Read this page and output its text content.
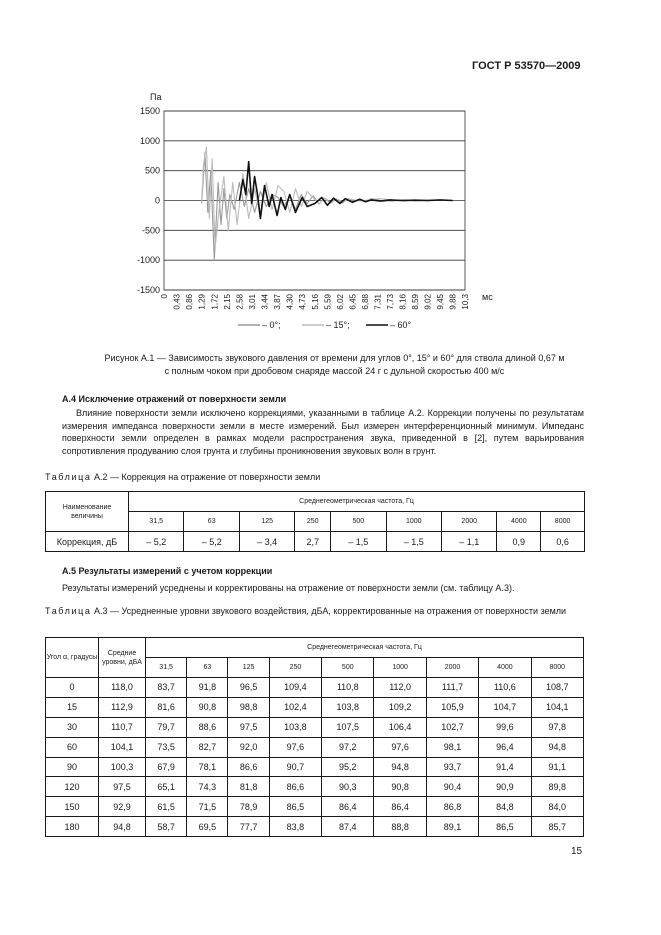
ГОСТ Р 53570—2009
1500
1000
500
0
-500
-1000
-1500
0 0,43 0,86 1,29 1,72 2,15 2,58 3,01 3,44 3,87 4,30 4,73 5,16 5,59 6,02 6,45 6,88 7,31 7,73 8,16 8,59 9,02 9,45 9,88 10,3
Па
мс
– 0°;	– 15°;	– 60°
Рисунок А.1 — Зависимость звукового давления от времени для углов 0°, 15° и 60° для ствола длиной 0,67 м
с полным чоком при дробовом снаряде массой 24 г с дульной скоростью 400 м/с
А.4 Исключение отражений от поверхности земли

Влияние поверхности земли исключено коррекциями, указанными в таблице А.2. Коррекции получены по результатам измерения импеданса поверхности земли в месте измерений. Был измерен интерференционный минимум. Импеданс поверхности земли определен в рамках модели распространения звука, приведенной в [2], путем варьирования сопротивления продуванию слоя грунта и глубины проникновения звуковых волн в грунт.

Таблица А.2 — Коррекция на отражение от поверхности земли
Наименование величины	Среднегеометрическая частота, Гц								
	31,5	63	125	250	500	1000	2000	4000	8000
Коррекция, дБ	– 5,2	– 5,2	– 3,4	2,7	– 1,5	– 1,5	– 1,1	0,9	0,6
А.5 Результаты измерений с учетом коррекции

Результаты измерений усреднены и корректированы на отражение от поверхности земли (см. таблицу А.3).

Таблица А.3 — Усредненные уровни звукового воздействия, дБА, корректированные на отражения от поверхности земли
Угол α, градусы	Средние уровни, дБА	Среднегеометрическая частота, Гц								
		31,5	63	125	250	500	1000	2000	4000	8000
0	118,0	83,7	91,8	96,5	109,4	110,8	112,0	111,7	110,6	108,7
15	112,9	81,6	90,8	98,8	102,4	103,8	109,2	105,9	104,7	104,1
30	110,7	79,7	88,6	97,5	103,8	107,5	106,4	102,7	99,6	97,8
60	104,1	73,5	82,7	92,0	97,6	97,2	97,6	98,1	96,4	94,8
90	100,3	67,9	78,1	86,6	90,7	95,2	94,8	93,7	91,4	91,1
120	97,5	65,1	74,3	81,8	86,6	90,3	90,8	90,4	90,9	89,8
150	92,9	61,5	71,5	78,9	86,5	86,4	86,4	86,8	84,8	84,0
180	94,8	58,7	69,5	77,7	83,8	87,4	88,8	89,1	86,5	85,7
15
